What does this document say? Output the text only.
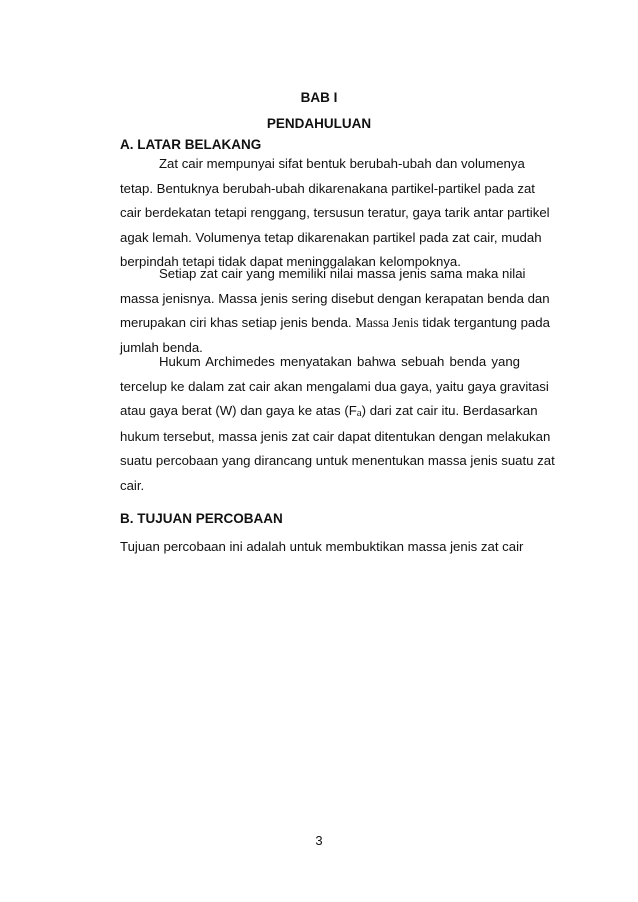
BAB I
PENDAHULUAN
A. LATAR BELAKANG
Zat cair mempunyai sifat bentuk berubah-ubah dan volumenya
tetap. Bentuknya berubah-ubah dikarenakana partikel-partikel pada zat
cair berdekatan tetapi renggang, tersusun teratur, gaya tarik antar partikel
agak lemah. Volumenya tetap dikarenakan partikel pada zat cair, mudah
berpindah tetapi tidak dapat meninggalakan kelompoknya.
Setiap zat cair yang memiliki nilai massa jenis sama maka nilai
massa jenisnya. Massa jenis sering disebut dengan kerapatan benda dan
merupakan ciri khas setiap jenis benda. Massa Jenis tidak tergantung pada
jumlah benda.
Hukum Archimedes menyatakan bahwa sebuah benda yang
tercelup ke dalam zat cair akan mengalami dua gaya, yaitu gaya gravitasi
atau gaya berat (W) dan gaya ke atas (Fa) dari zat cair itu. Berdasarkan
hukum tersebut, massa jenis zat cair dapat ditentukan dengan melakukan
suatu percobaan yang dirancang untuk menentukan massa jenis suatu zat
cair.
B. TUJUAN PERCOBAAN
Tujuan percobaan ini adalah untuk membuktikan massa jenis zat cair
3
